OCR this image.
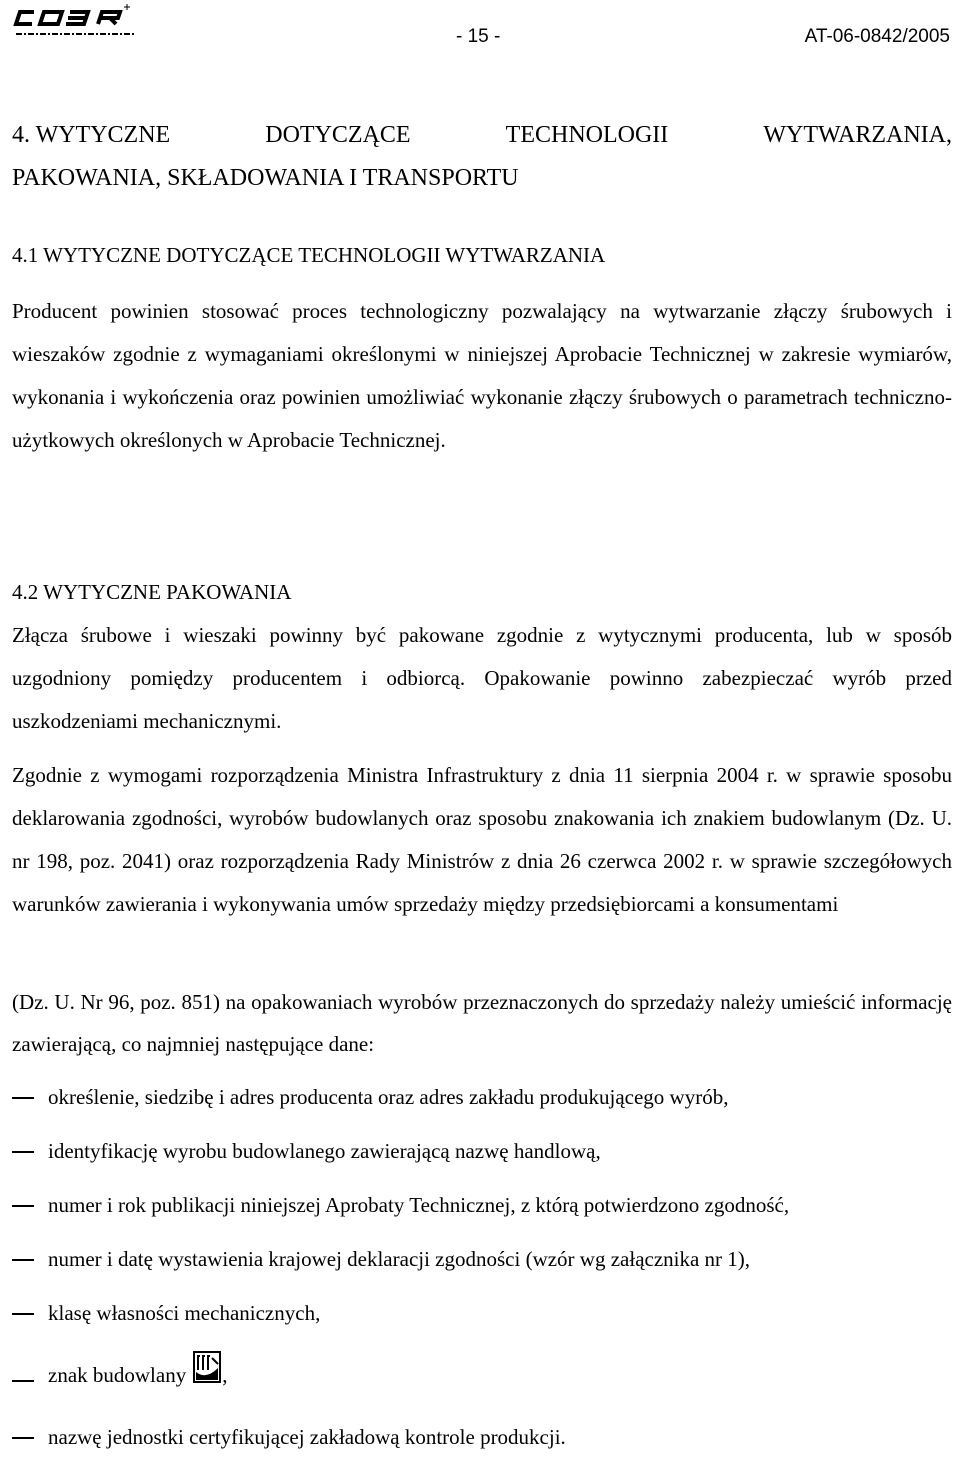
- 15 -	AT-06-0842/2005
4. WYTYCZNE	DOTYCZĄCE	TECHNOLOGII	WYTWARZANIA,
PAKOWANIA, SKŁADOWANIA I TRANSPORTU
4.1 WYTYCZNE DOTYCZĄCE TECHNOLOGII WYTWARZANIA
Producent powinien stosować proces technologiczny pozwalający na wytwarzanie złączy śrubowych i wieszaków zgodnie z wymaganiami określonymi w niniejszej Aprobacie Technicznej w zakresie wymiarów, wykonania i wykończenia oraz powinien umożliwiać wykonanie złączy śrubowych o parametrach techniczno-użytkowych określonych w Aprobacie Technicznej.
4.2 WYTYCZNE PAKOWANIA
Złącza śrubowe i wieszaki powinny być pakowane zgodnie z wytycznymi producenta, lub w sposób uzgodniony pomiędzy producentem i odbiorcą. Opakowanie powinno zabezpieczać wyrób przed uszkodzeniami mechanicznymi.
Zgodnie z wymogami rozporządzenia Ministra Infrastruktury z dnia 11 sierpnia 2004 r. w sprawie sposobu deklarowania zgodności, wyrobów budowlanych oraz sposobu znakowania ich znakiem budowlanym (Dz. U. nr 198, poz. 2041) oraz rozporządzenia Rady Ministrów z dnia 26 czerwca 2002 r. w sprawie szczegółowych warunków zawierania i wykonywania umów sprzedaży między przedsiębiorcami a konsumentami
(Dz. U. Nr 96, poz. 851) na opakowaniach wyrobów przeznaczonych do sprzedaży należy umieścić informację zawierającą, co najmniej następujące dane:
określenie, siedzibę i adres producenta oraz adres zakładu produkującego wyrób,
identyfikację wyrobu budowlanego zawierającą nazwę handlową,
numer i rok publikacji niniejszej Aprobaty Technicznej, z którą potwierdzono zgodność,
numer i datę wystawienia krajowej deklaracji zgodności (wzór wg załącznika nr 1),
klasę własności mechanicznych,
znak budowlany ,
nazwę jednostki certyfikującej zakładową kontrole produkcji.
